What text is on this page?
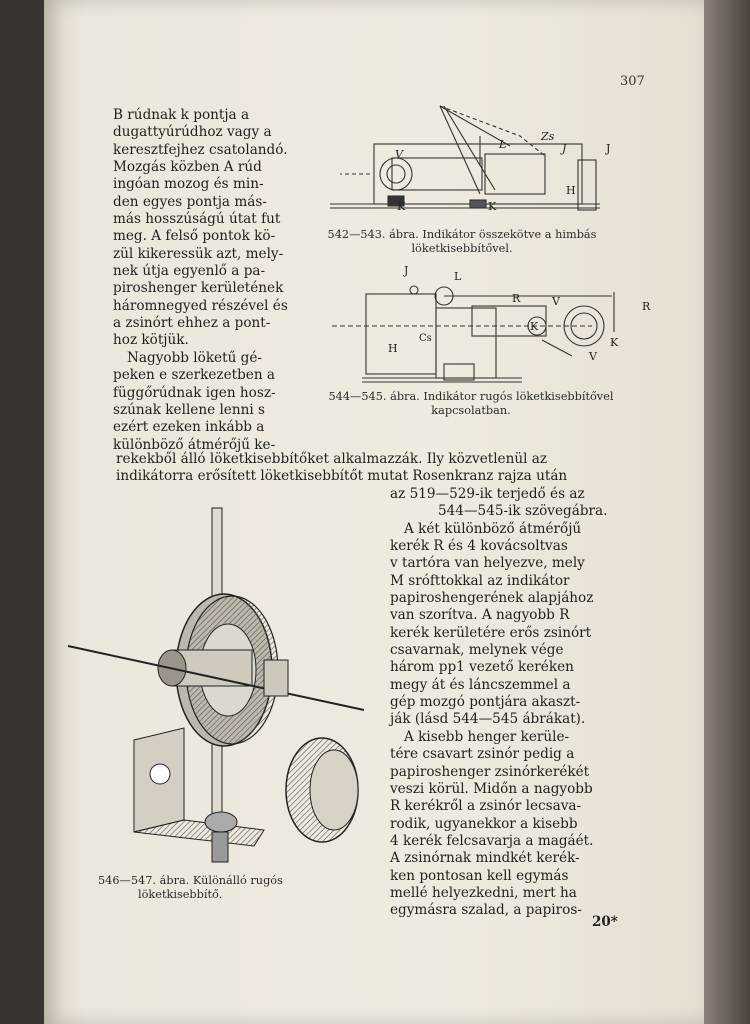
307

B rúdnak k pontja a

dugattyúrúdhoz vagy a

keresztfejhez csatolandó.

Mozgás közben A rúd

ingóan mozog és min-

den egyes pontja más-

más hosszúságú útat fut

meg. A felső pontok kö-

zül kikeressük azt, mely-

nek útja egyenlő a pa-

piroshenger kerületének

háromnegyed részével és

a zsinórt ehhez a pont-

hoz kötjük.

Nagyobb löketű gé-

peken e szerkezetben a

függőrúdnak igen hosz-

szúnak kellene lenni s

ezért ezeken inkább a

különböző átmérőjű ke-

rekekből álló löketkisebbítőket alkalmazzák. Ily közvetlenül az

indikátorra erősített löketkisebbítőt mutat Rosenkranz rajza után

az 519—529-ik terjedő és az

544—545-ik szövegábra.

A két különböző átmérőjű

kerék R és 4 kovácsoltvas

v tartóra van helyezve, mely

M srófttokkal az indikátor

papiroshengerének alapjához

van szorítva. A nagyobb R

kerék kerületére erős zsinórt

csavarnak, melynek vége

három pp1 vezető keréken

megy át és láncszemmel a

gép mozgó pontjára akaszt-

ják (lásd 544—545 ábrákat).

A kisebb henger kerüle-

tére csavart zsinór pedig a

papiroshenger zsinórkerékét

veszi körül. Midőn a nagyobb

R kerékről a zsinór lecsava-

rodik, ugyanekkor a kisebb

4 kerék felcsavarja a magáét.

A zsinórnak mindkét kerék-

ken pontosan kell egymás

mellé helyezkedni, mert ha

egymásra szalad, a papiros-

V
L
Zs
J
K	K
H
J

542—543. ábra. Indikátor összekötve a himbás

löketkisebbítővel.

J	L
R	V	R
K
K
H
Cs
V

544—545. ábra. Indikátor rugós löketkisebbítővel

kapcsolatban.

546—547. ábra. Különálló rugós

löketkisebbítő.

20*
